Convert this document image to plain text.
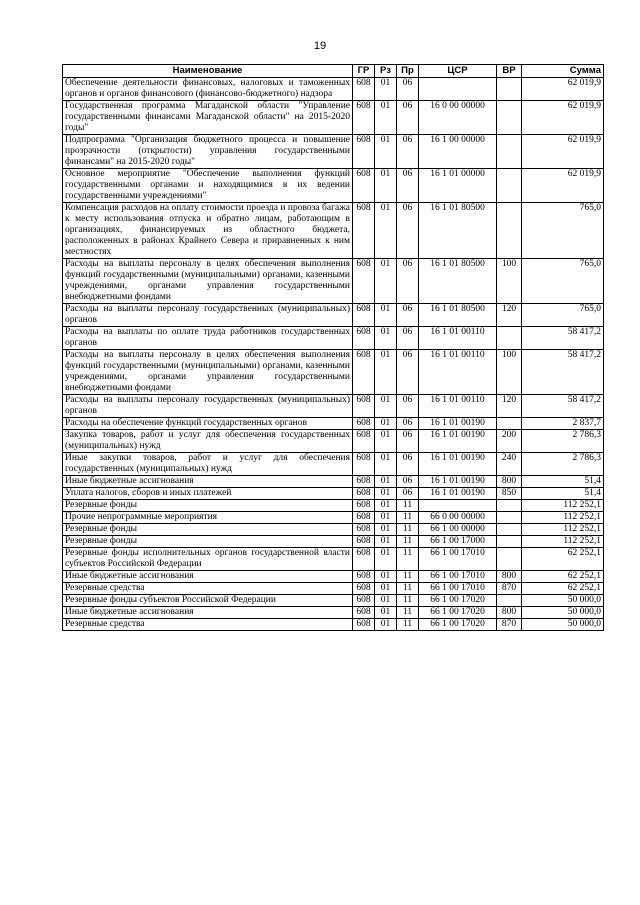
19
Наименование	ГР	Рз	Пр	ЦСР	ВР	Сумма
Обеспечение деятельности финансовых, налоговых и таможенных органов и органов финансового (финансово-бюджетного) надзора	608	01	06			62 019,9
Государственная программа Магаданской области "Управление государственными финансами Магаданской области" на 2015-2020 годы"	608	01	06	16 0 00 00000		62 019,9
Подпрограмма "Организация бюджетного процесса и повышение прозрачности (открытости) управления государственными финансами" на 2015-2020 годы"	608	01	06	16 1 00 00000		62 019,9
Основное мероприятие "Обеспечение выполнения функций государственными органами и находящимися в их ведении государственными учреждениями"	608	01	06	16 1 01 00000		62 019,9
Компенсация расходов на оплату стоимости проезда и провоза багажа к месту использования отпуска и обратно лицам, работающим в организациях, финансируемых из областного бюджета, расположенных в районах Крайнего Севера и приравненных к ним местностях	608	01	06	16 1 01 80500		765,0
Расходы на выплаты персоналу в целях обеспечения выполнения функций государственными (муниципальными) органами, казенными учреждениями, органами управления государственными внебюджетными фондами	608	01	06	16 1 01 80500	100	765,0
Расходы на выплаты персоналу государственных (муниципальных) органов	608	01	06	16 1 01 80500	120	765,0
Расходы на выплаты по оплате труда работников государственных органов	608	01	06	16 1 01 00110		58 417,2
Расходы на выплаты персоналу в целях обеспечения выполнения функций государственными (муниципальными) органами, казенными учреждениями, органами управления государственными внебюджетными фондами	608	01	06	16 1 01 00110	100	58 417,2
Расходы на выплаты персоналу государственных (муниципальных) органов	608	01	06	16 1 01 00110	120	58 417,2
Расходы на обеспечение функций государственных органов	608	01	06	16 1 01 00190		2 837,7
Закупка товаров, работ и услуг для обеспечения государственных (муниципальных) нужд	608	01	06	16 1 01 00190	200	2 786,3
Иные закупки товаров, работ и услуг для обеспечения государственных (муниципальных) нужд	608	01	06	16 1 01 00190	240	2 786,3
Иные бюджетные ассигнования	608	01	06	16 1 01 00190	800	51,4
Уплата налогов, сборов и иных платежей	608	01	06	16 1 01 00190	850	51,4
Резервные фонды	608	01	11			112 252,1
Прочие непрограммные мероприятия	608	01	11	66 0 00 00000		112 252,1
Резервные фонды	608	01	11	66 1 00 00000		112 252,1
Резервные фонды	608	01	11	66 1 00 17000		112 252,1
Резервные фонды исполнительных органов государственной власти субъектов Российской Федерации	608	01	11	66 1 00 17010		62 252,1
Иные бюджетные ассигнования	608	01	11	66 1 00 17010	800	62 252,1
Резервные средства	608	01	11	66 1 00 17010	870	62 252,1
Резервные фонды субъектов Российской Федерации	608	01	11	66 1 00 17020		50 000,0
Иные бюджетные ассигнования	608	01	11	66 1 00 17020	800	50 000,0
Резервные средства	608	01	11	66 1 00 17020	870	50 000,0
